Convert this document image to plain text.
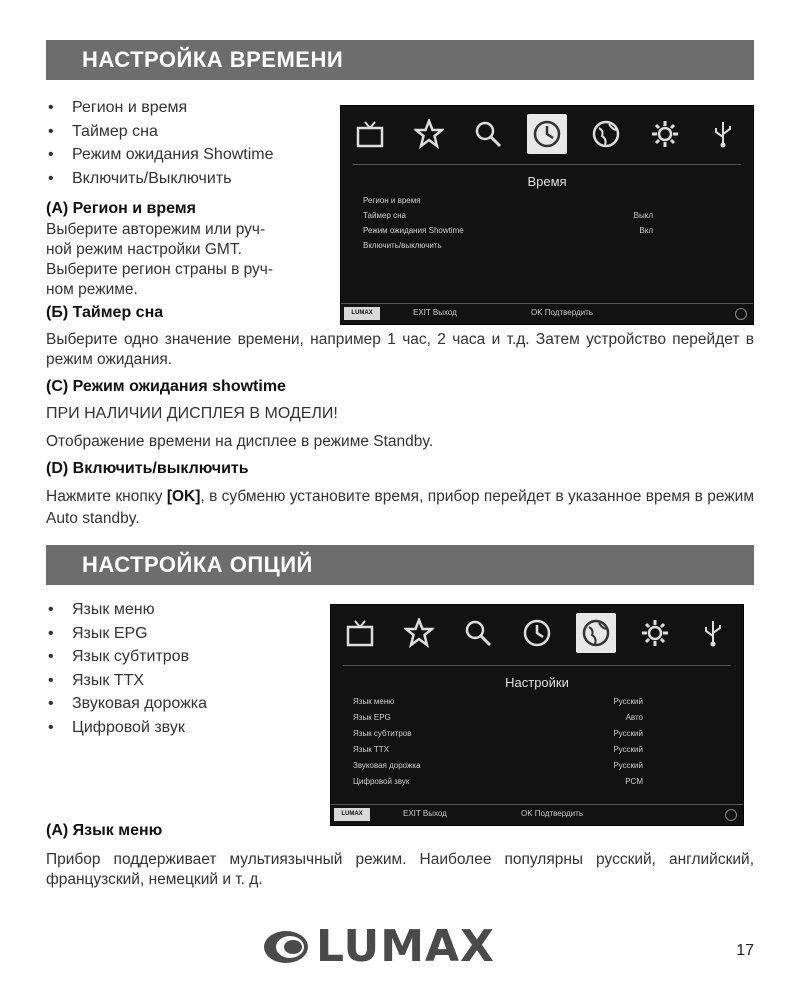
НАСТРОЙКА ВРЕМЕНИ
• Регион и время
• Таймер сна
• Режим ожидания Showtime
• Включить/Выключить
(А) Регион и время
Выберите авторежим или руч-
ной режим настройки GMT.
Выберите регион страны в руч-
ном режиме.
(Б) Таймер сна

Выберите одно значение времени, например 1 час, 2 часа и т.д. Затем устройство перейдет в режим ожидания.

(C) Режим ожидания showtime
ПРИ НАЛИЧИИ ДИСПЛЕЯ В МОДЕЛИ!

Отображение времени на дисплее в режиме Standby.

(D) Включить/выключить

Нажмите кнопку [OK], в субменю установите время, прибор перейдет в указанное время в режим Auto standby.

Время
Регион и время
Таймер сна	Выкл
Режим ожидания Showtime	Вкл
Включить/выключить
LUMAX	EXIT Выход	OK Подтвердить
НАСТРОЙКА ОПЦИЙ
• Язык меню
• Язык EPG
• Язык субтитров
• Язык TTX
• Звуковая дорожка
• Цифровой звук
Настройки
Язык меню	Русский
Язык EPG	Авто
Язык субтитров	Русский
Язык TTX	Русский
Звуковая дорожка	Русский
Цифровой звук	PCM
LUMAX	EXIT Выход	OK Подтвердить
(А) Язык меню

Прибор поддерживает мультиязычный режим. Наиболее популярны русский, английский, французский, немецкий и т. д.

LUMAX	17
